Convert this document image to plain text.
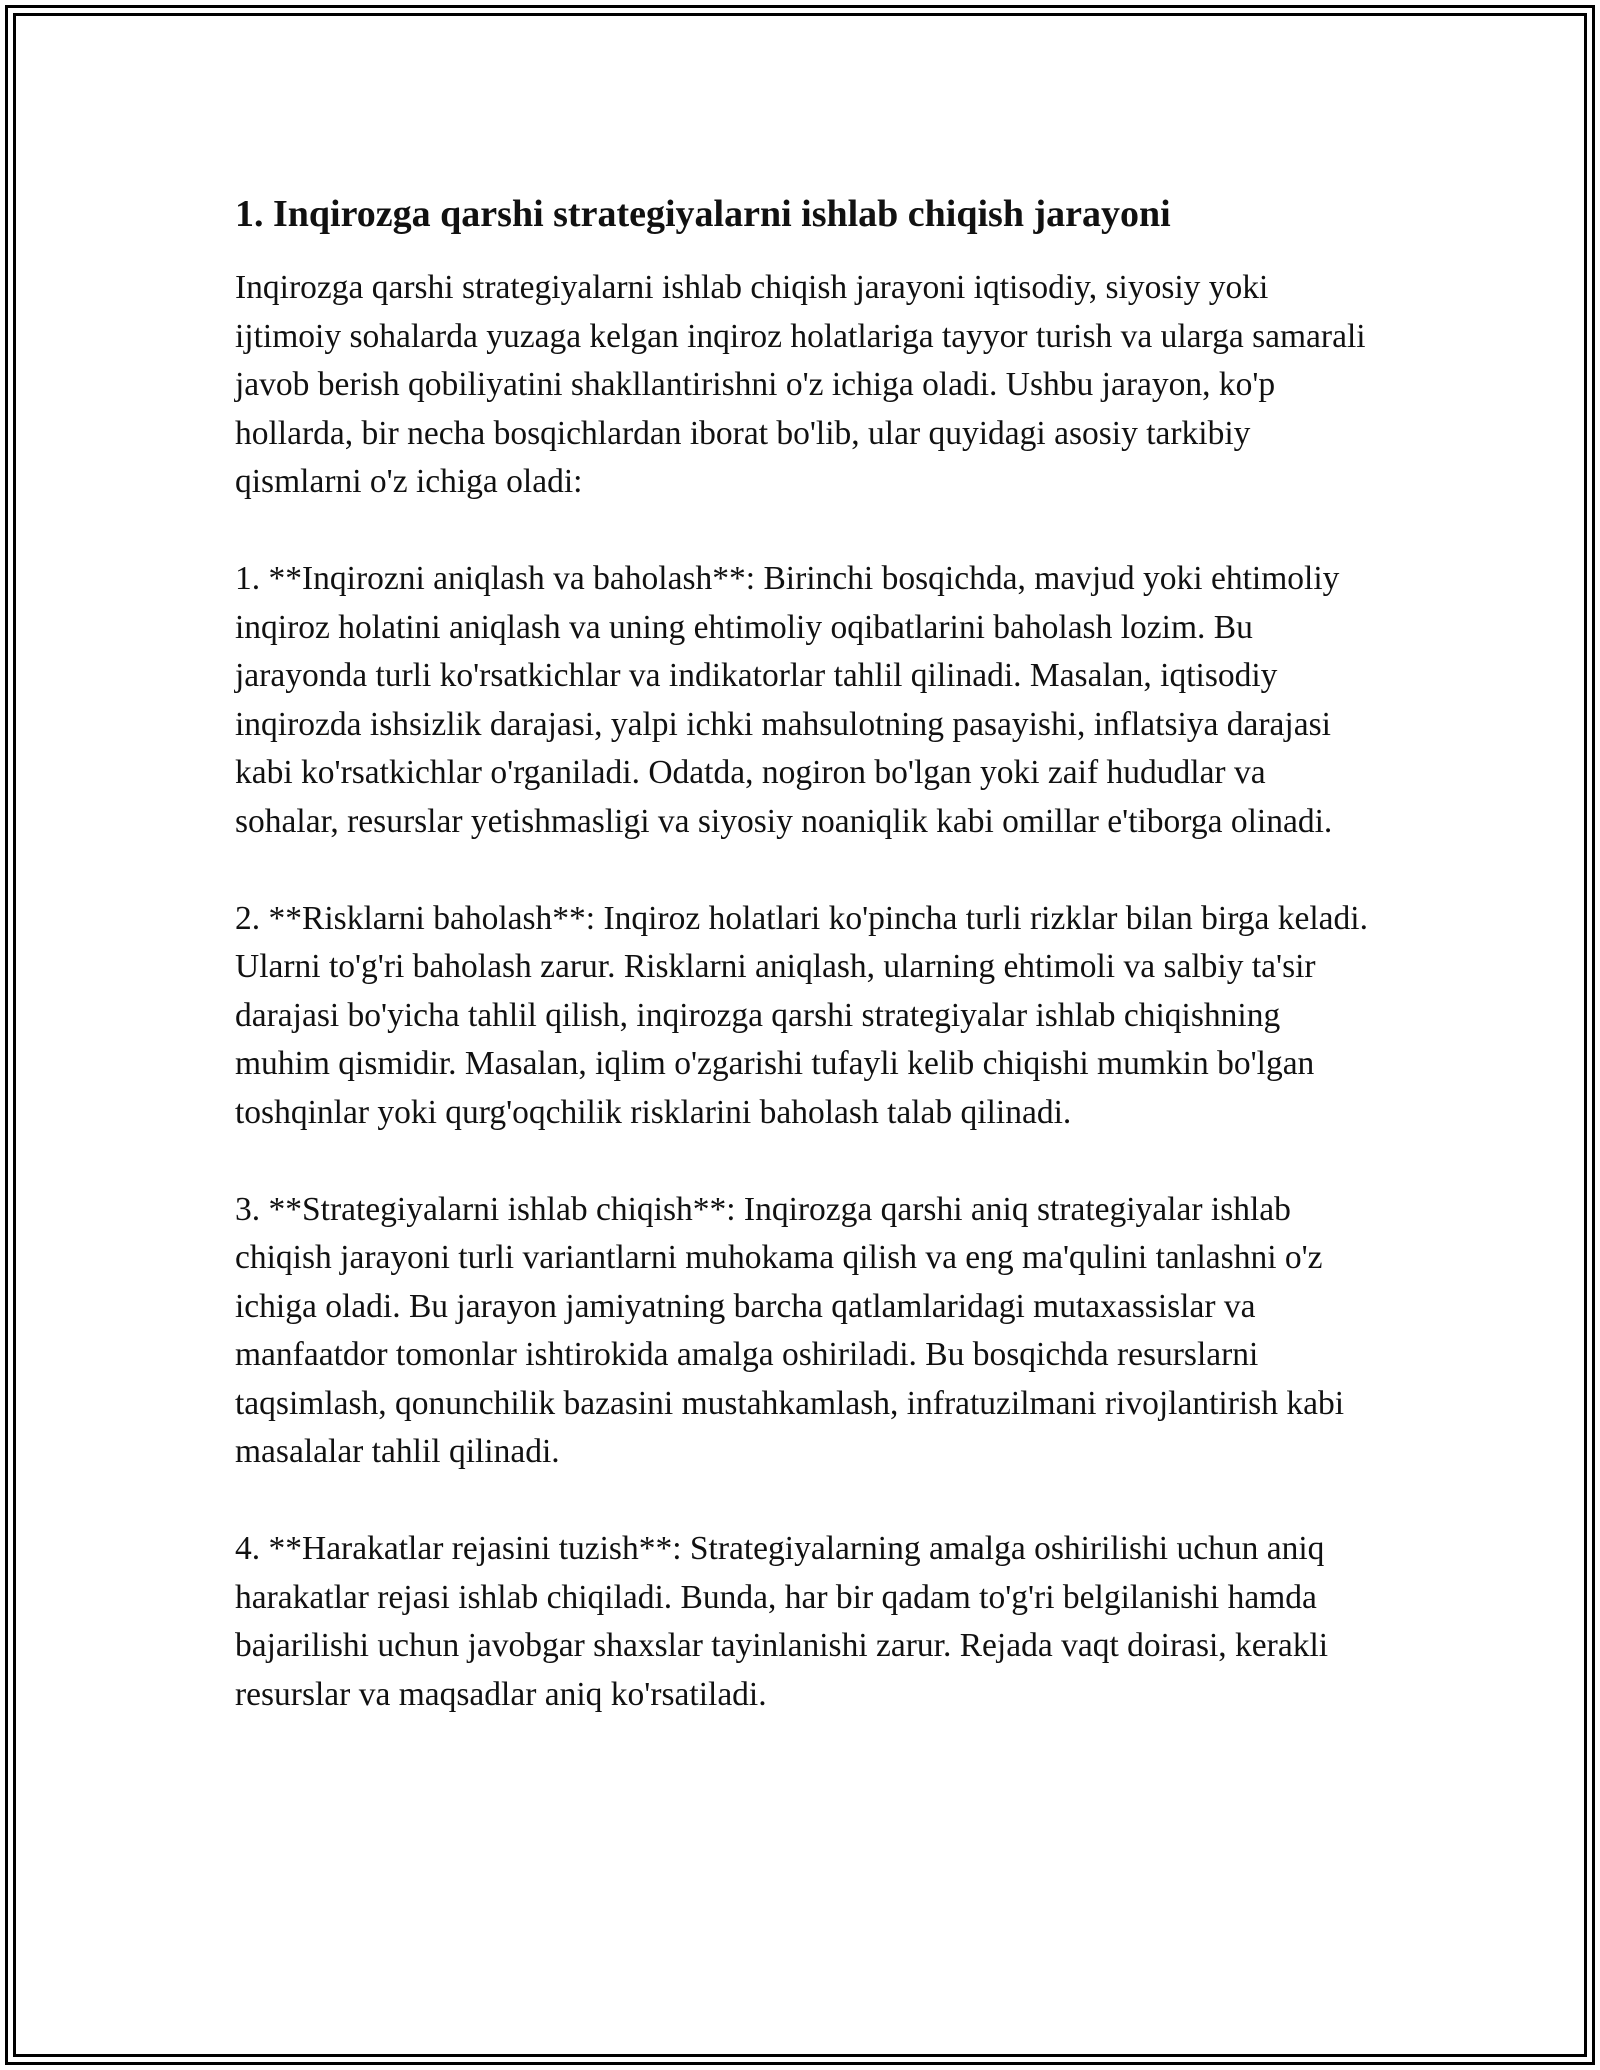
1. Inqirozga qarshi strategiyalarni ishlab chiqish jarayoni

Inqirozga qarshi strategiyalarni ishlab chiqish jarayoni iqtisodiy, siyosiy yoki ijtimoiy sohalarda yuzaga kelgan inqiroz holatlariga tayyor turish va ularga samarali javob berish qobiliyatini shakllantirishni o'z ichiga oladi. Ushbu jarayon, ko'p hollarda, bir necha bosqichlardan iborat bo'lib, ular quyidagi asosiy tarkibiy qismlarni o'z ichiga oladi:

1. **Inqirozni aniqlash va baholash**: Birinchi bosqichda, mavjud yoki ehtimoliy inqiroz holatini aniqlash va uning ehtimoliy oqibatlarini baholash lozim. Bu jarayonda turli ko'rsatkichlar va indikatorlar tahlil qilinadi. Masalan, iqtisodiy inqirozda ishsizlik darajasi, yalpi ichki mahsulotning pasayishi, inflatsiya darajasi kabi ko'rsatkichlar o'rganiladi. Odatda, nogiron bo'lgan yoki zaif hududlar va sohalar, resurslar yetishmasligi va siyosiy noaniqlik kabi omillar e'tiborga olinadi.

2. **Risklarni baholash**: Inqiroz holatlari ko'pincha turli rizklar bilan birga keladi. Ularni to'g'ri baholash zarur. Risklarni aniqlash, ularning ehtimoli va salbiy ta'sir darajasi bo'yicha tahlil qilish, inqirozga qarshi strategiyalar ishlab chiqishning muhim qismidir. Masalan, iqlim o'zgarishi tufayli kelib chiqishi mumkin bo'lgan toshqinlar yoki qurg'oqchilik risklarini baholash talab qilinadi.

3. **Strategiyalarni ishlab chiqish**: Inqirozga qarshi aniq strategiyalar ishlab chiqish jarayoni turli variantlarni muhokama qilish va eng ma'qulini tanlashni o'z ichiga oladi. Bu jarayon jamiyatning barcha qatlamlaridagi mutaxassislar va manfaatdor tomonlar ishtirokida amalga oshiriladi. Bu bosqichda resurslarni taqsimlash, qonunchilik bazasini mustahkamlash, infratuzilmani rivojlantirish kabi masalalar tahlil qilinadi.

4. **Harakatlar rejasini tuzish**: Strategiyalarning amalga oshirilishi uchun aniq harakatlar rejasi ishlab chiqiladi. Bunda, har bir qadam to'g'ri belgilanishi hamda bajarilishi uchun javobgar shaxslar tayinlanishi zarur. Rejada vaqt doirasi, kerakli resurslar va maqsadlar aniq ko'rsatiladi.
